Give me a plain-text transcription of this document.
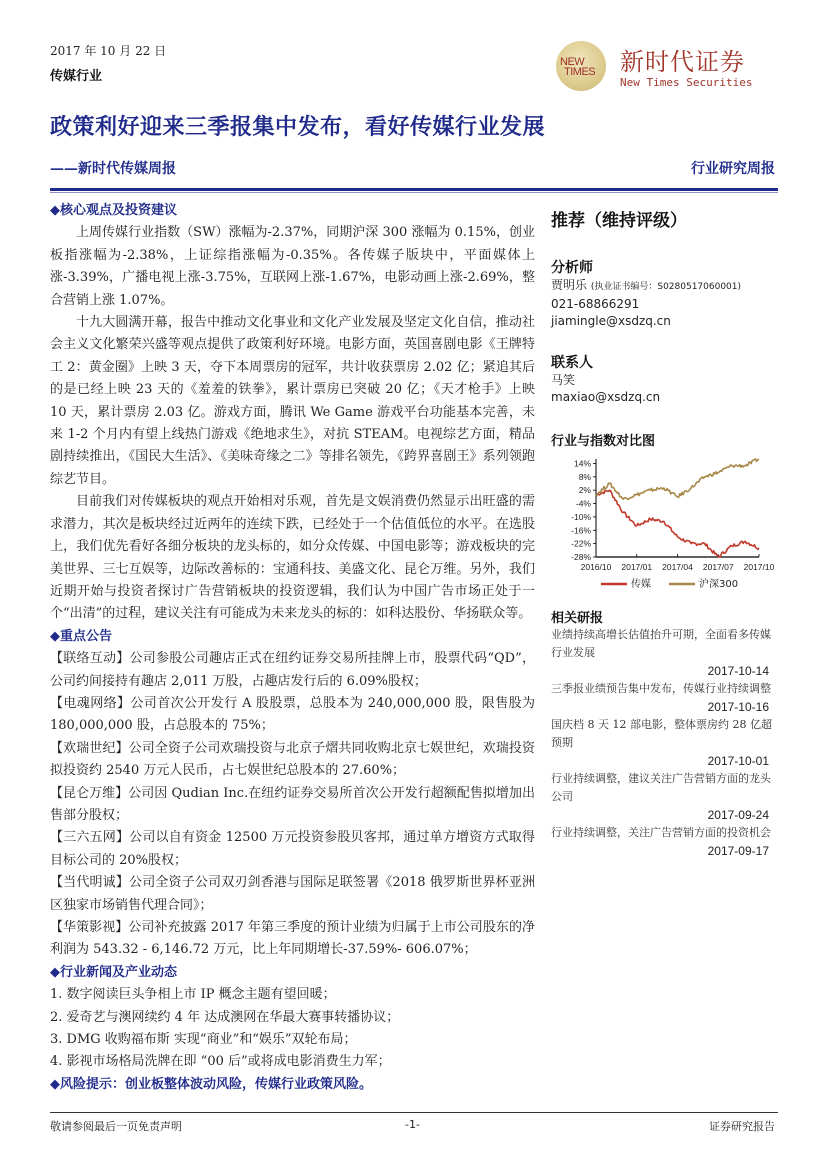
2017 年 10 月 22 日
传媒行业
NEW
TIMES 新时代证券
New Times Securities
政策利好迎来三季报集中发布，看好传媒行业发展
——新时代传媒周报	行业研究周报
◆核心观点及投资建议

上周传媒行业指数（SW）涨幅为-2.37%，同期沪深 300 涨幅为 0.15%，创业板指涨幅为-2.38%，上证综指涨幅为-0.35%。各传媒子版块中，平面媒体上涨-3.39%，广播电视上涨-3.75%，互联网上涨-1.67%，电影动画上涨-2.69%，整合营销上涨 1.07%。

十九大圆满开幕，报告中推动文化事业和文化产业发展及坚定文化自信，推动社会主义文化繁荣兴盛等观点提供了政策利好环境。电影方面，英国喜剧电影《王牌特工 2：黄金圈》上映 3 天，夺下本周票房的冠军，共计收获票房 2.02 亿；紧追其后的是已经上映 23 天的《羞羞的铁拳》，累计票房已突破 20 亿；《天才枪手》上映 10 天，累计票房 2.03 亿。游戏方面，腾讯 We Game 游戏平台功能基本完善，未来 1-2 个月内有望上线热门游戏《绝地求生》，对抗 STEAM。电视综艺方面，精品剧持续推出，《国民大生活》、《美味奇缘之二》等排名领先，《跨界喜剧王》系列领跑综艺节目。

目前我们对传媒板块的观点开始相对乐观，首先是文娱消费仍然显示出旺盛的需求潜力，其次是板块经过近两年的连续下跌，已经处于一个估值低位的水平。在选股上，我们优先看好各细分板块的龙头标的，如分众传媒、中国电影等；游戏板块的完美世界、三七互娱等，边际改善标的：宝通科技、美盛文化、昆仑万维。另外，我们近期开始与投资者探讨广告营销板块的投资逻辑，我们认为中国广告市场正处于一个“出清”的过程，建议关注有可能成为未来龙头的标的：如科达股份、华扬联众等。

◆重点公告

【联络互动】公司参股公司趣店正式在纽约证券交易所挂牌上市，股票代码“QD”，公司约间接持有趣店 2,011 万股，占趣店发行后的 6.09%股权；

【电魂网络】公司首次公开发行 A 股股票，总股本为 240,000,000 股，限售股为 180,000,000 股，占总股本的 75%；

【欢瑞世纪】公司全资子公司欢瑞投资与北京子熠共同收购北京七娱世纪，欢瑞投资拟投资约 2540 万元人民币，占七娱世纪总股本的 27.60%；

【昆仑万维】公司因 Qudian Inc.在纽约证券交易所首次公开发行超额配售拟增加出售部分股权；

【三六五网】公司以自有资金 12500 万元投资参股贝客邦，通过单方增资方式取得目标公司的 20%股权；

【当代明诚】公司全资子公司双刃剑香港与国际足联签署《2018 俄罗斯世界杯亚洲区独家市场销售代理合同》；

【华策影视】公司补充披露 2017 年第三季度的预计业绩为归属于上市公司股东的净利润为 543.32 - 6,146.72 万元，比上年同期增长-37.59%- 606.07%；

◆行业新闻及产业动态

1. 数字阅读巨头争相上市 IP 概念主题有望回暖；

2. 爱奇艺与澳网续约 4 年 达成澳网在华最大赛事转播协议；

3. DMG 收购福布斯 实现“商业”和“娱乐”双轮布局；

4. 影视市场格局洗牌在即 “00 后”或将成电影消费生力军；

◆风险提示：创业板整体波动风险，传媒行业政策风险。
推荐（维持评级）
分析师
贾明乐 (执业证书编号：S0280517060001)
021-68866291
jiamingle@xsdzq.cn
联系人
马笑
maxiao@xsdzq.cn
行业与指数对比图
14%
8%
2%
-4%
-10%
-16%
-22%
-28%
2016/10 2017/01 2017/04 2017/07 2017/10
传媒	沪深300
相关研报
业绩持续高增长估值抬升可期，全面看多传媒行业发展
2017-10-14
三季报业绩预告集中发布，传媒行业持续调整
2017-10-16
国庆档 8 天 12 部电影，整体票房约 28 亿超预期
2017-10-01
行业持续调整，建议关注广告营销方面的龙头公司
2017-09-24
行业持续调整，关注广告营销方面的投资机会
2017-09-17
敬请参阅最后一页免责声明	-1-	证券研究报告
